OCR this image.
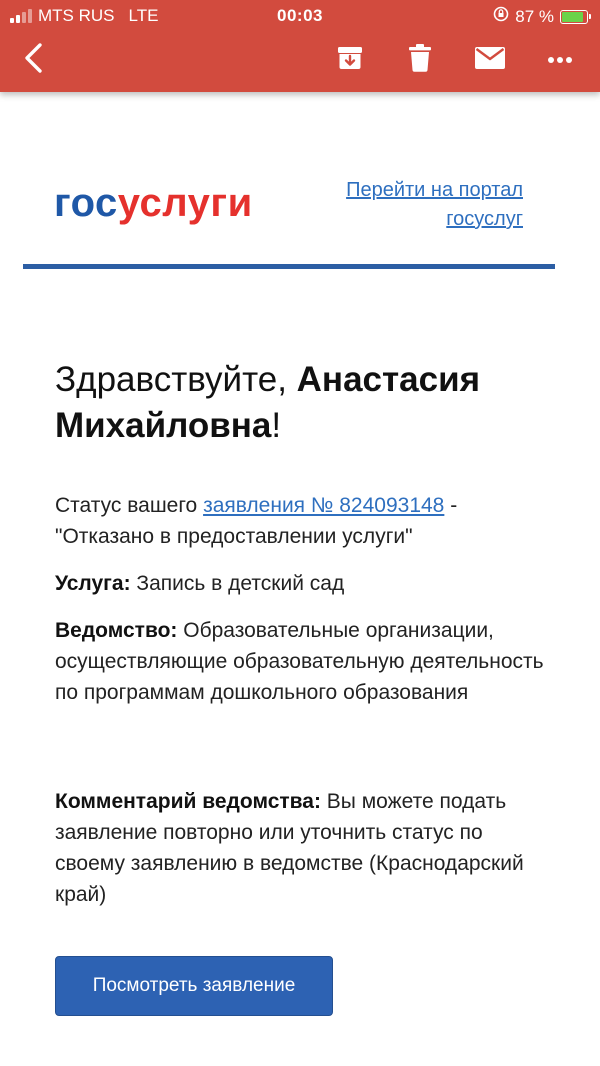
MTS RUS LTE	00:03	87 %
госуслуги	Перейти на портал госуслуг
Здравствуйте, Анастасия Михайловна!
Статус вашего заявления № 824093148 - "Отказано в предоставлении услуги"
Услуга: Запись в детский сад
Ведомство: Образовательные организации, осуществляющие образовательную деятельность по программам дошкольного образования
Комментарий ведомства: Вы можете подать заявление повторно или уточнить статус по своему заявлению в ведомстве (Краснодарский край)
Посмотреть заявление
